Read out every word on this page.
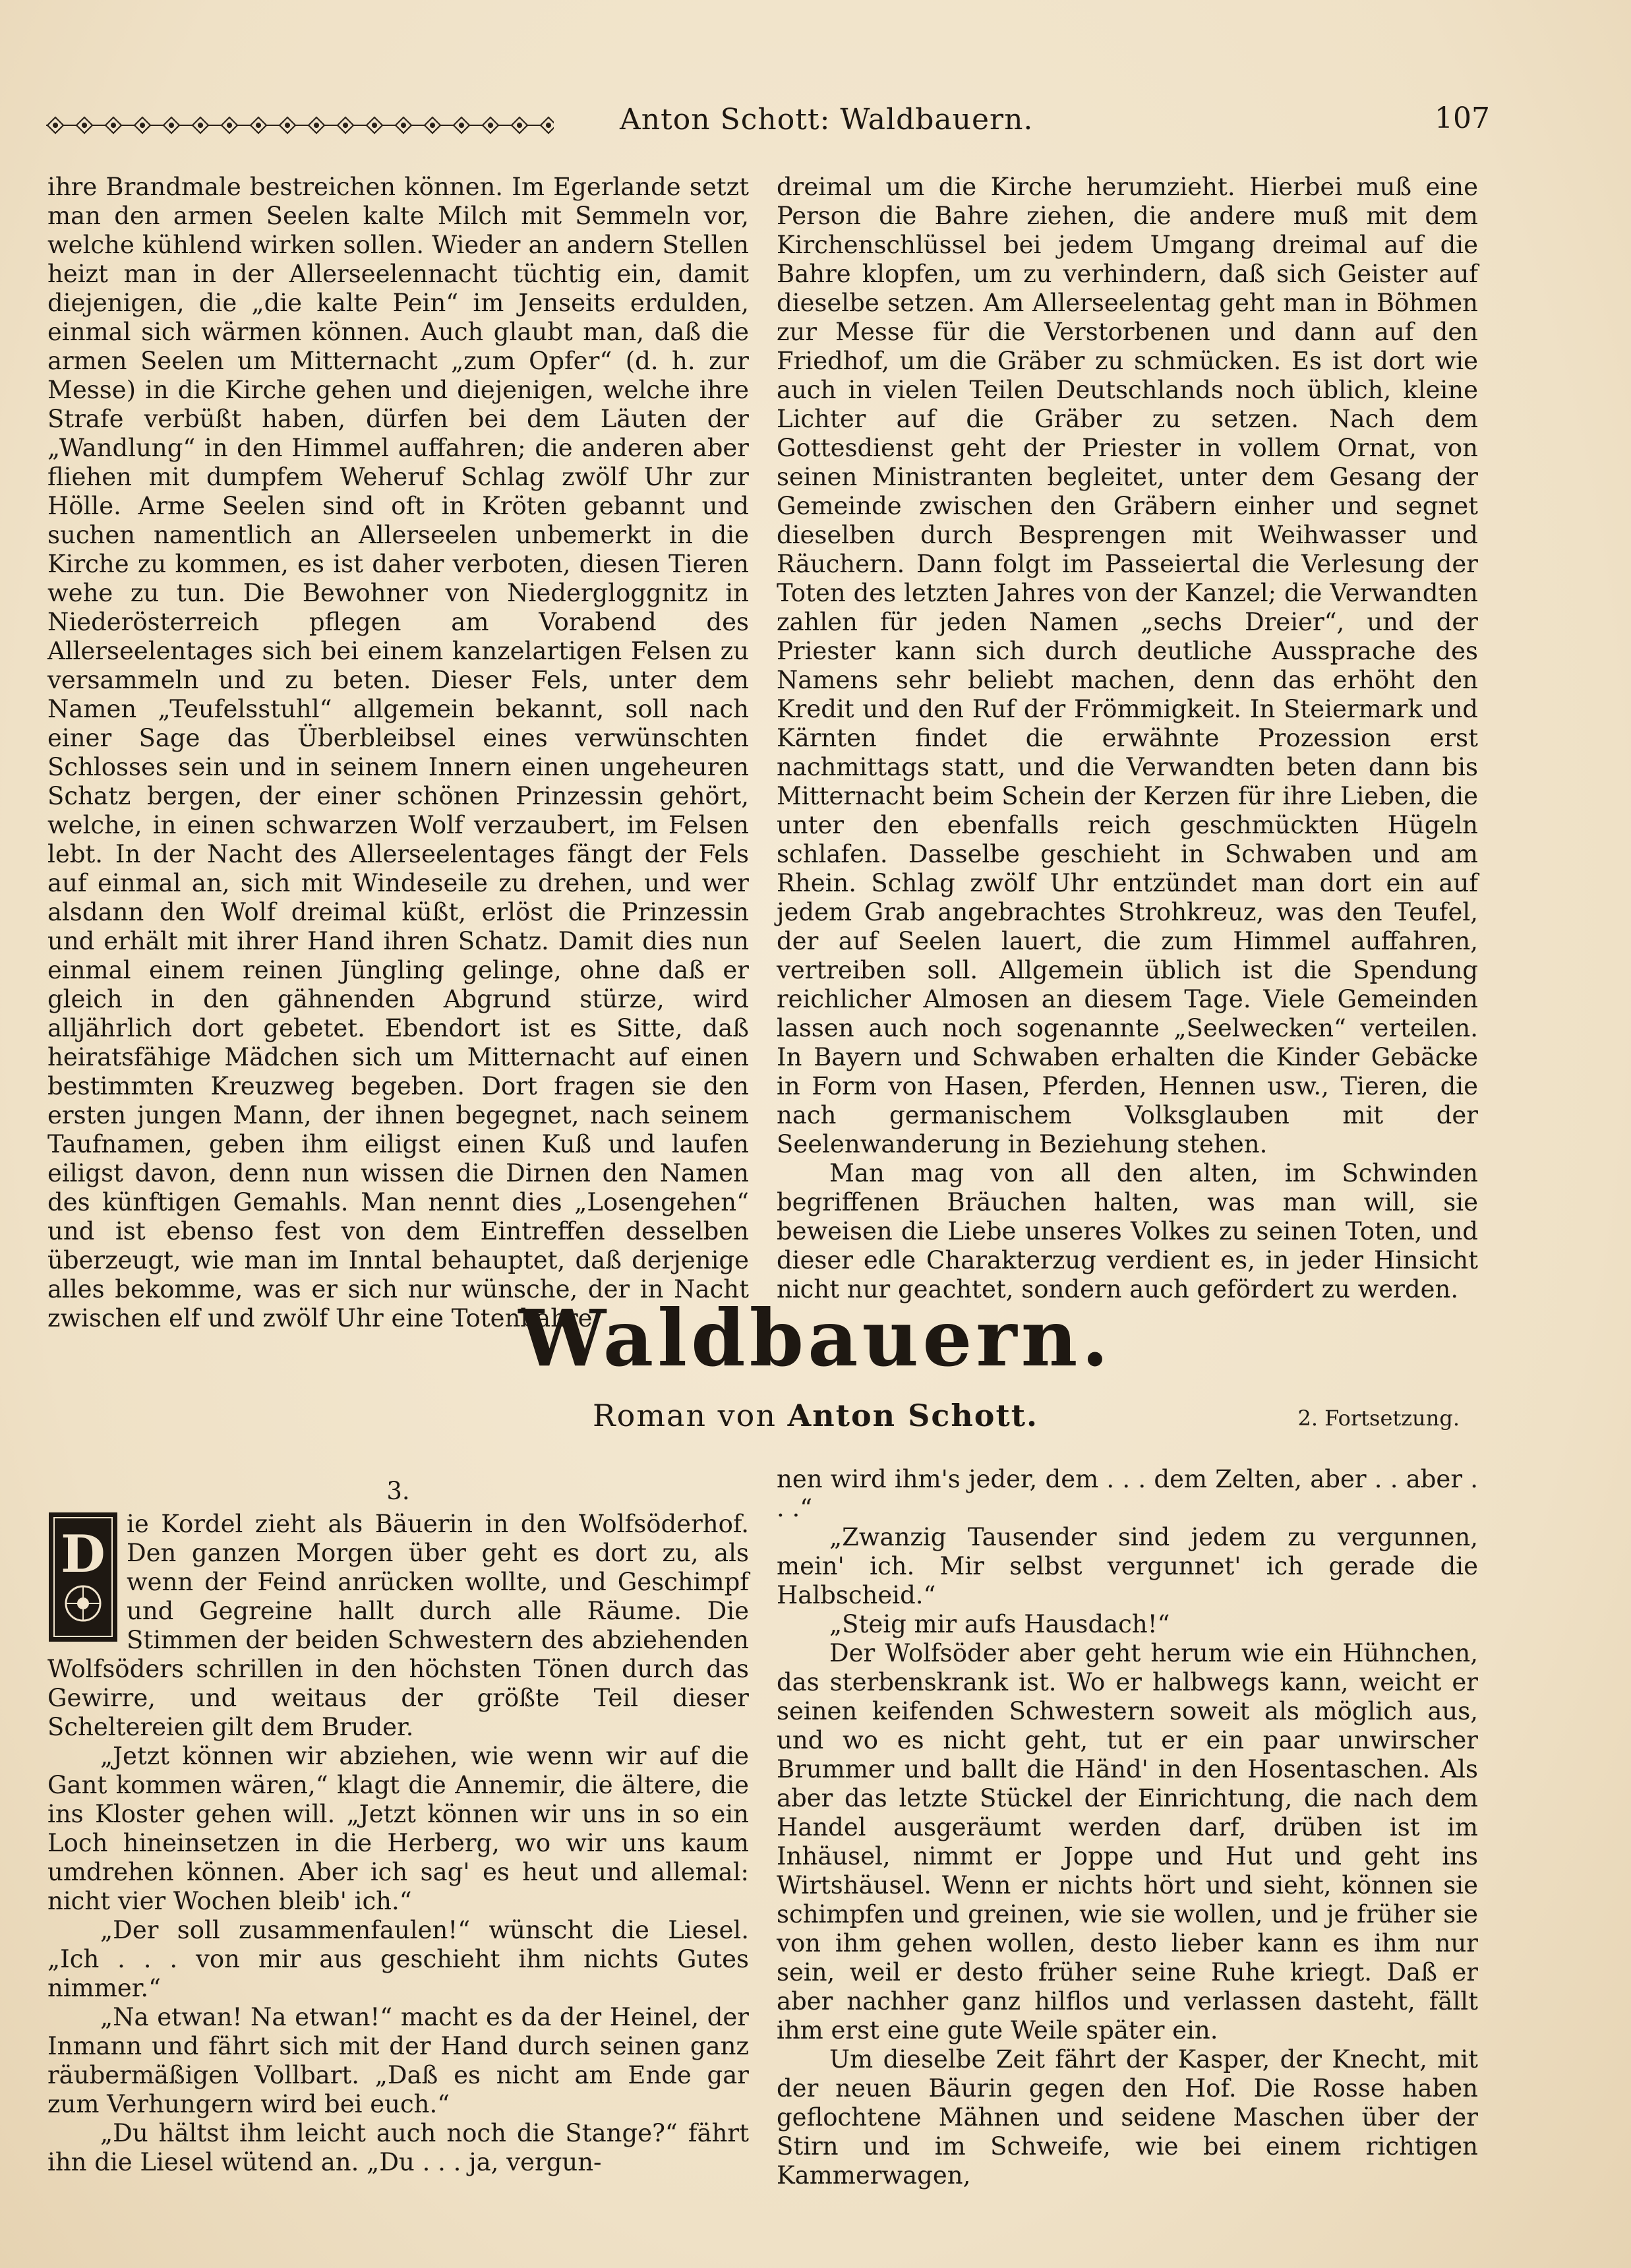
Anton Schott: Waldbauern.	107

ihre Brandmale bestreichen können. Im Egerlande setzt man den armen Seelen kalte Milch mit Semmeln vor, welche kühlend wirken sollen. Wieder an andern Stellen heizt man in der Allerseelennacht tüchtig ein, damit diejenigen, die „die kalte Pein“ im Jenseits erdulden, einmal sich wärmen können. Auch glaubt man, daß die armen Seelen um Mitternacht „zum Opfer“ (d. h. zur Messe) in die Kirche gehen und diejenigen, welche ihre Strafe verbüßt haben, dürfen bei dem Läuten der „Wandlung“ in den Himmel auffahren; die anderen aber fliehen mit dumpfem Weheruf Schlag zwölf Uhr zur Hölle. Arme Seelen sind oft in Kröten gebannt und suchen namentlich an Allerseelen unbemerkt in die Kirche zu kommen, es ist daher verboten, diesen Tieren wehe zu tun. Die Bewohner von Niedergloggnitz in Niederösterreich pflegen am Vorabend des Allerseelentages sich bei einem kanzelartigen Felsen zu versammeln und zu beten. Dieser Fels, unter dem Namen „Teufelsstuhl“ allgemein bekannt, soll nach einer Sage das Überbleibsel eines verwünschten Schlosses sein und in seinem Innern einen ungeheuren Schatz bergen, der einer schönen Prinzessin gehört, welche, in einen schwarzen Wolf verzaubert, im Felsen lebt. In der Nacht des Allerseelentages fängt der Fels auf einmal an, sich mit Windeseile zu drehen, und wer alsdann den Wolf dreimal küßt, erlöst die Prinzessin und erhält mit ihrer Hand ihren Schatz. Damit dies nun einmal einem reinen Jüngling gelinge, ohne daß er gleich in den gähnenden Abgrund stürze, wird alljährlich dort gebetet. Ebendort ist es Sitte, daß heiratsfähige Mädchen sich um Mitternacht auf einen bestimmten Kreuzweg begeben. Dort fragen sie den ersten jungen Mann, der ihnen begegnet, nach seinem Taufnamen, geben ihm eiligst einen Kuß und laufen eiligst davon, denn nun wissen die Dirnen den Namen des künftigen Gemahls. Man nennt dies „Losengehen“ und ist ebenso fest von dem Eintreffen desselben überzeugt, wie man im Inntal behauptet, daß derjenige alles bekomme, was er sich nur wünsche, der in Nacht zwischen elf und zwölf Uhr eine Totenbahre

dreimal um die Kirche herumzieht. Hierbei muß eine Person die Bahre ziehen, die andere muß mit dem Kirchenschlüssel bei jedem Umgang dreimal auf die Bahre klopfen, um zu verhindern, daß sich Geister auf dieselbe setzen. Am Allerseelentag geht man in Böhmen zur Messe für die Verstorbenen und dann auf den Friedhof, um die Gräber zu schmücken. Es ist dort wie auch in vielen Teilen Deutschlands noch üblich, kleine Lichter auf die Gräber zu setzen. Nach dem Gottesdienst geht der Priester in vollem Ornat, von seinen Ministranten begleitet, unter dem Gesang der Gemeinde zwischen den Gräbern einher und segnet dieselben durch Besprengen mit Weihwasser und Räuchern. Dann folgt im Passeiertal die Verlesung der Toten des letzten Jahres von der Kanzel; die Verwandten zahlen für jeden Namen „sechs Dreier“, und der Priester kann sich durch deutliche Aussprache des Namens sehr beliebt machen, denn das erhöht den Kredit und den Ruf der Frömmigkeit. In Steiermark und Kärnten findet die erwähnte Prozession erst nachmittags statt, und die Verwandten beten dann bis Mitternacht beim Schein der Kerzen für ihre Lieben, die unter den ebenfalls reich geschmückten Hügeln schlafen. Dasselbe geschieht in Schwaben und am Rhein. Schlag zwölf Uhr entzündet man dort ein auf jedem Grab angebrachtes Strohkreuz, was den Teufel, der auf Seelen lauert, die zum Himmel auffahren, vertreiben soll. Allgemein üblich ist die Spendung reichlicher Almosen an diesem Tage. Viele Gemeinden lassen auch noch sogenannte „Seelwecken“ verteilen. In Bayern und Schwaben erhalten die Kinder Gebäcke in Form von Hasen, Pferden, Hennen usw., Tieren, die nach germanischem Volksglauben mit der Seelenwanderung in Beziehung stehen.

Man mag von all den alten, im Schwinden begriffenen Bräuchen halten, was man will, sie beweisen die Liebe unseres Volkes zu seinen Toten, und dieser edle Charakterzug verdient es, in jeder Hinsicht nicht nur geachtet, sondern auch gefördert zu werden.

Waldbauern.
Roman von Anton Schott.	2. Fortsetzung.

3.

D

ie Kordel zieht als Bäuerin in den Wolfsöderhof. Den ganzen Morgen über geht es dort zu, als wenn der Feind anrücken wollte, und Geschimpf und Gegreine hallt durch alle Räume. Die Stimmen der beiden Schwestern des abziehenden Wolfsöders schrillen in den höchsten Tönen durch das Gewirre, und weitaus der größte Teil dieser Scheltereien gilt dem Bruder.

„Jetzt können wir abziehen, wie wenn wir auf die Gant kommen wären,“ klagt die Annemir, die ältere, die ins Kloster gehen will. „Jetzt können wir uns in so ein Loch hineinsetzen in die Herberg, wo wir uns kaum umdrehen können. Aber ich sag' es heut und allemal: nicht vier Wochen bleib' ich.“

„Der soll zusammenfaulen!“ wünscht die Liesel. „Ich . . . von mir aus geschieht ihm nichts Gutes nimmer.“

„Na etwan! Na etwan!“ macht es da der Heinel, der Inmann und fährt sich mit der Hand durch seinen ganz räubermäßigen Vollbart. „Daß es nicht am Ende gar zum Verhungern wird bei euch.“

„Du hältst ihm leicht auch noch die Stange?“ fährt ihn die Liesel wütend an. „Du . . . ja, vergun-

nen wird ihm's jeder, dem . . . dem Zelten, aber . . aber . . .“

„Zwanzig Tausender sind jedem zu vergunnen, mein' ich. Mir selbst vergunnet' ich gerade die Halbscheid.“

„Steig mir aufs Hausdach!“

Der Wolfsöder aber geht herum wie ein Hühnchen, das sterbenskrank ist. Wo er halbwegs kann, weicht er seinen keifenden Schwestern soweit als möglich aus, und wo es nicht geht, tut er ein paar unwirscher Brummer und ballt die Händ' in den Hosentaschen. Als aber das letzte Stückel der Einrichtung, die nach dem Handel ausgeräumt werden darf, drüben ist im Inhäusel, nimmt er Joppe und Hut und geht ins Wirtshäusel. Wenn er nichts hört und sieht, können sie schimpfen und greinen, wie sie wollen, und je früher sie von ihm gehen wollen, desto lieber kann es ihm nur sein, weil er desto früher seine Ruhe kriegt. Daß er aber nachher ganz hilflos und verlassen dasteht, fällt ihm erst eine gute Weile später ein.

Um dieselbe Zeit fährt der Kasper, der Knecht, mit der neuen Bäurin gegen den Hof. Die Rosse haben geflochtene Mähnen und seidene Maschen über der Stirn und im Schweife, wie bei einem richtigen Kammerwagen,
